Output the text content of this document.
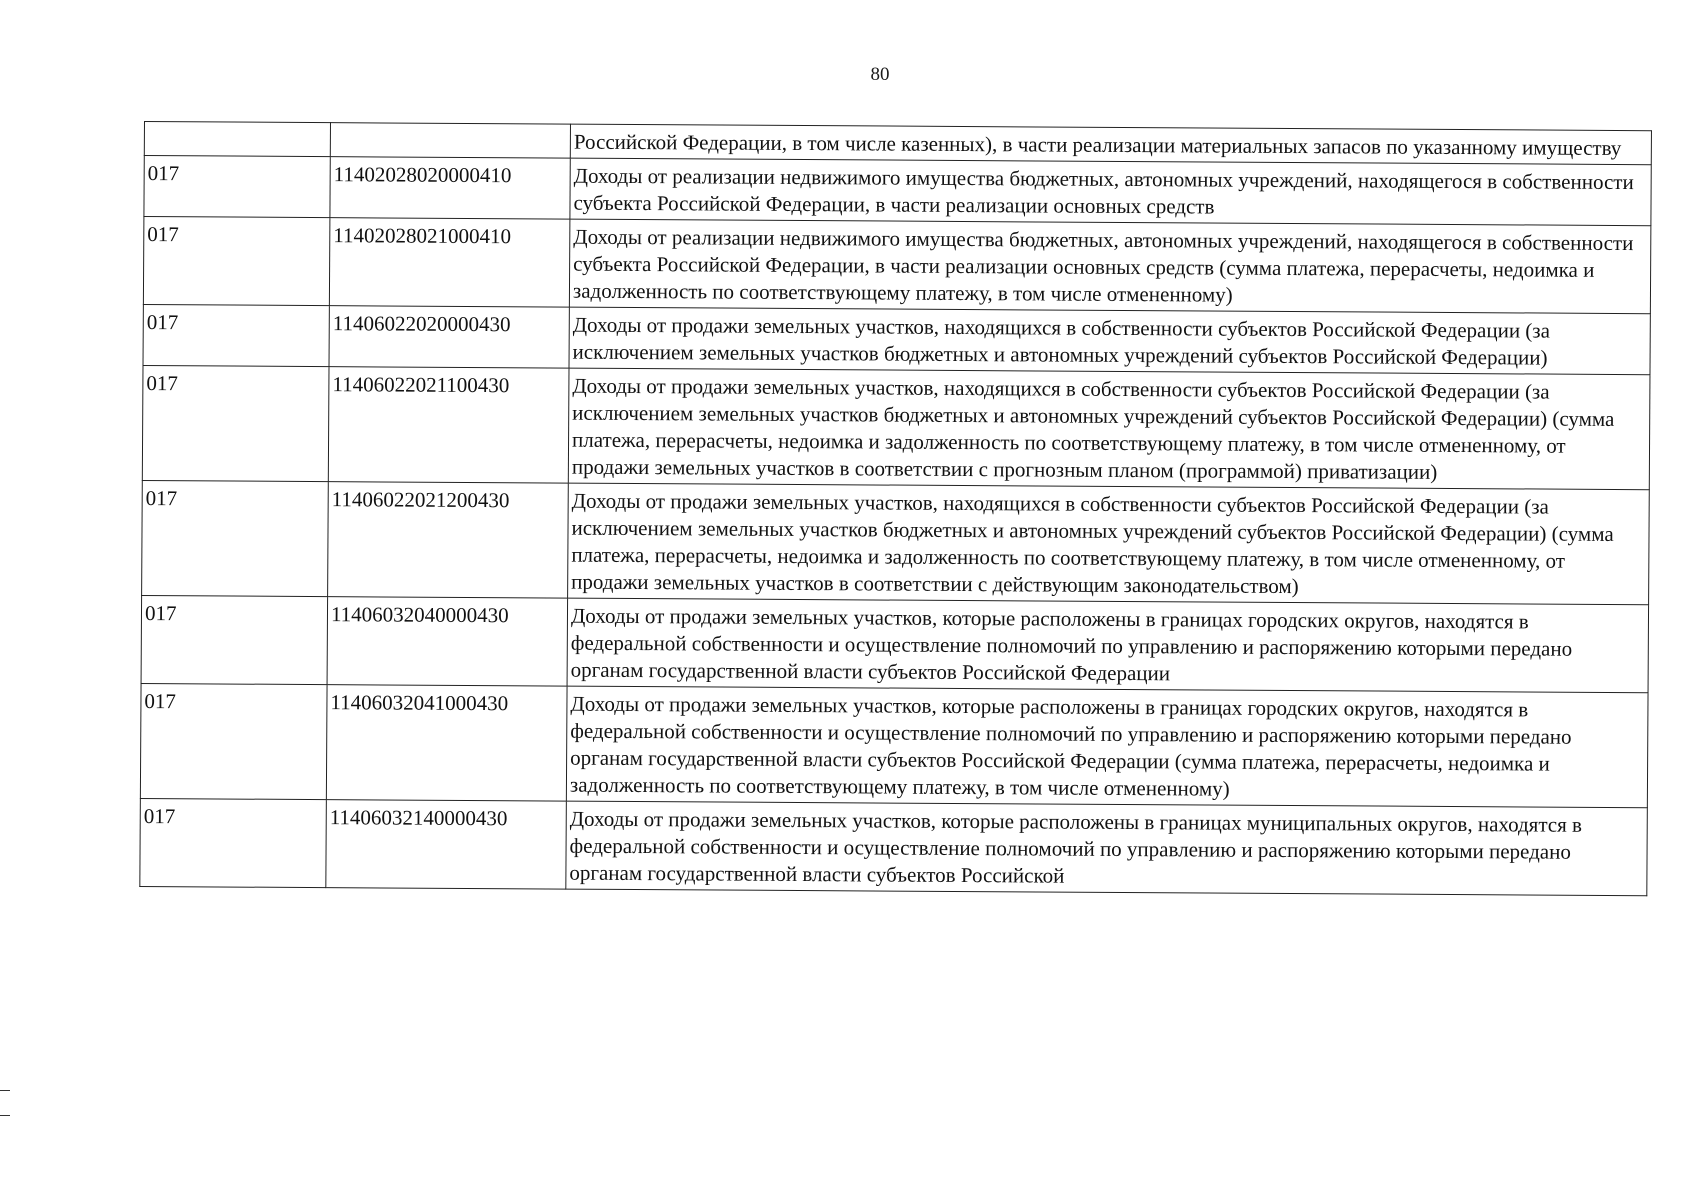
80
		Российской Федерации, в том числе казенных), в части реализации материальных запасов по указанному имуществу
017	11402028020000410	Доходы от реализации недвижимого имущества бюджетных, автономных учреждений, находящегося в собственности субъекта Российской Федерации, в части реализации основных средств
017	11402028021000410	Доходы от реализации недвижимого имущества бюджетных, автономных учреждений, находящегося в собственности субъекта Российской Федерации, в части реализации основных средств (сумма платежа, перерасчеты, недоимка и задолженность по соответствующему платежу, в том числе отмененному)
017	11406022020000430	Доходы от продажи земельных участков, находящихся в собственности субъектов Российской Федерации (за исключением земельных участков бюджетных и автономных учреждений субъектов Российской Федерации)
017	11406022021100430	Доходы от продажи земельных участков, находящихся в собственности субъектов Российской Федерации (за исключением земельных участков бюджетных и автономных учреждений субъектов Российской Федерации) (сумма платежа, перерасчеты, недоимка и задолженность по соответствующему платежу, в том числе отмененному, от продажи земельных участков в соответствии с прогнозным планом (программой) приватизации)
017	11406022021200430	Доходы от продажи земельных участков, находящихся в собственности субъектов Российской Федерации (за исключением земельных участков бюджетных и автономных учреждений субъектов Российской Федерации) (сумма платежа, перерасчеты, недоимка и задолженность по соответствующему платежу, в том числе отмененному, от продажи земельных участков в соответствии с действующим законодательством)
017	11406032040000430	Доходы от продажи земельных участков, которые расположены в границах городских округов, находятся в федеральной собственности и осуществление полномочий по управлению и распоряжению которыми передано органам государственной власти субъектов Российской Федерации
017	11406032041000430	Доходы от продажи земельных участков, которые расположены в границах городских округов, находятся в федеральной собственности и осуществление полномочий по управлению и распоряжению которыми передано органам государственной власти субъектов Российской Федерации (сумма платежа, перерасчеты, недоимка и задолженность по соответствующему платежу, в том числе отмененному)
017	11406032140000430	Доходы от продажи земельных участков, которые расположены в границах муниципальных округов, находятся в федеральной собственности и осуществление полномочий по управлению и распоряжению которыми передано органам государственной власти субъектов Российской
